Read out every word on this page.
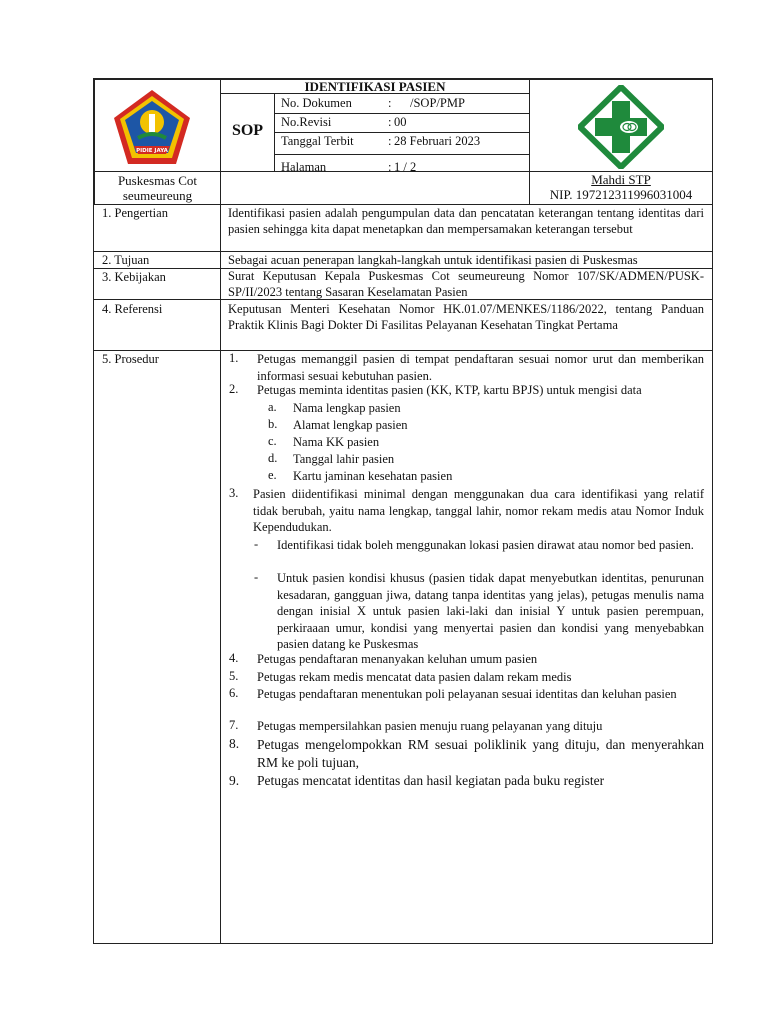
PIDIE JAYA
IDENTIFIKASI PASIEN
SOP
No. Dokumen	: /SOP/PMP
No.Revisi	: 00
Tanggal Terbit	: 28 Februari 2023
Halaman	: 1 / 2
Puskesmas Cot seumeureung
Mahdi STP
NIP. 197212311996031004
1. Pengertian	Identifikasi pasien adalah pengumpulan data dan pencatatan keterangan tentang identitas dari pasien sehingga kita dapat menetapkan dan mempersamakan keterangan tersebut
2. Tujuan	Sebagai acuan penerapan langkah-langkah untuk identifikasi pasien di Puskesmas
3. Kebijakan	Surat Keputusan Kepala Puskesmas Cot seumeureung Nomor 107/SK/ADMEN/PUSK-SP/II/2023 tentang Sasaran Keselamatan Pasien
4. Referensi	Keputusan Menteri Kesehatan Nomor HK.01.07/MENKES/1186/2022, tentang Panduan Praktik Klinis Bagi Dokter Di Fasilitas Pelayanan Kesehatan Tingkat Pertama
5. Prosedur	1.	Petugas memanggil pasien di tempat pendaftaran sesuai nomor urut dan memberikan informasi sesuai kebutuhan pasien.
2.	Petugas meminta identitas pasien (KK, KTP, kartu BPJS) untuk mengisi data
a.	Nama lengkap pasien
b.	Alamat lengkap pasien
c.	Nama KK pasien
d.	Tanggal lahir pasien
e.	Kartu jaminan kesehatan pasien
3.	Pasien diidentifikasi minimal dengan menggunakan dua cara identifikasi yang relatif tidak berubah, yaitu nama lengkap, tanggal lahir, nomor rekam medis atau Nomor Induk Kependudukan.
-	Identifikasi tidak boleh menggunakan lokasi pasien dirawat atau nomor bed pasien.
-	Untuk pasien kondisi khusus (pasien tidak dapat menyebutkan identitas, penurunan kesadaran, gangguan jiwa, datang tanpa identitas yang jelas), petugas menulis nama dengan inisial X untuk pasien laki-laki dan inisial Y untuk pasien perempuan, perkiraaan umur, kondisi yang menyertai pasien dan kondisi yang menyebabkan pasien datang ke Puskesmas
4.	Petugas pendaftaran menanyakan keluhan umum pasien
5.	Petugas rekam medis mencatat data pasien dalam rekam medis
6.	Petugas pendaftaran menentukan poli pelayanan sesuai identitas dan keluhan pasien
7.	Petugas mempersilahkan pasien menuju ruang pelayanan yang dituju
8.	Petugas mengelompokkan RM sesuai poliklinik yang dituju, dan menyerahkan RM ke poli tujuan,
9.	Petugas mencatat identitas dan hasil kegiatan pada buku register
